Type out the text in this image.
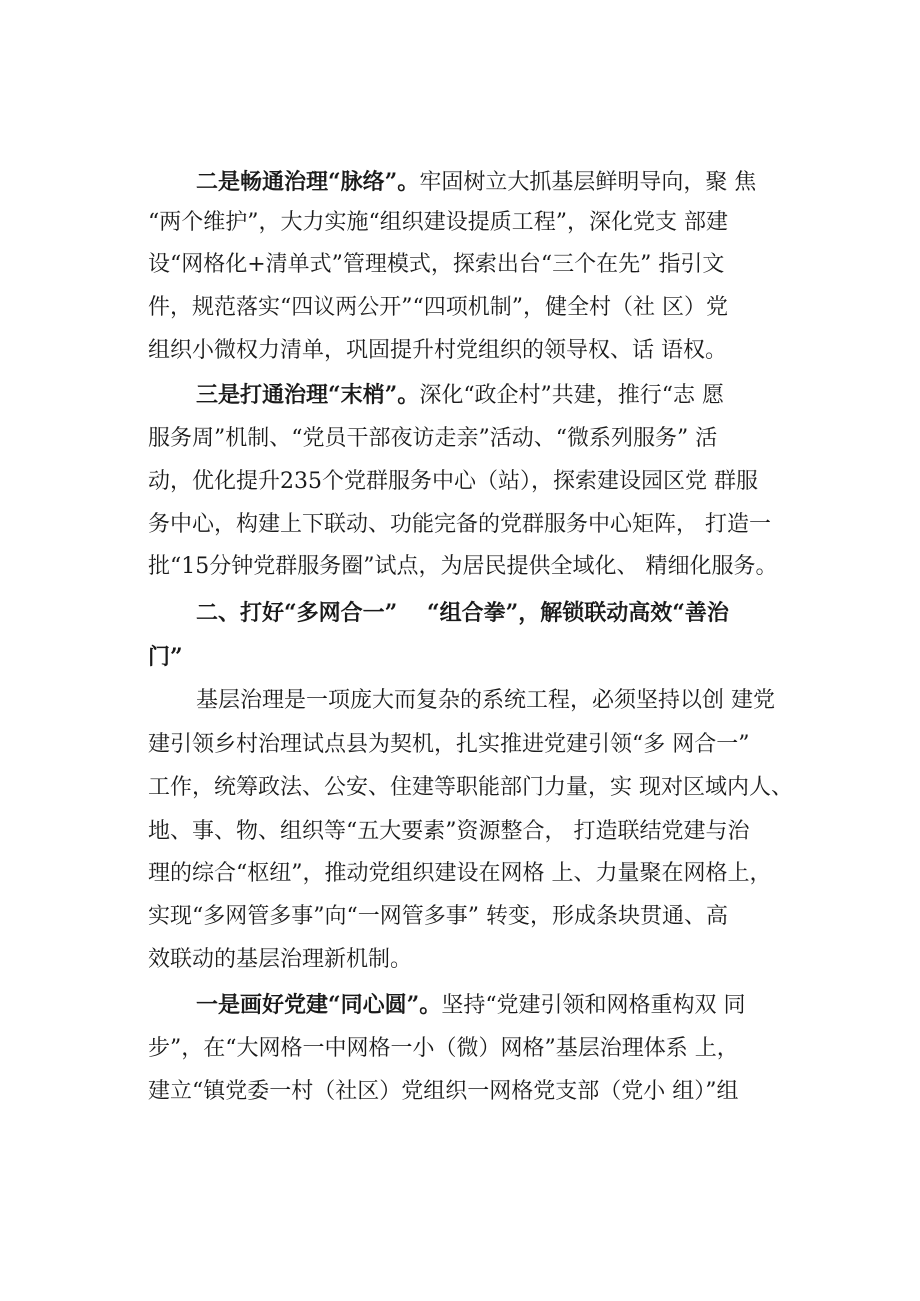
二是畅通治理“脉络”。牢固树立大抓基层鲜明导向，聚 焦
“两个维护”，大力实施“组织建设提质工程”，深化党支 部建
设“网格化+清单式”管理模式，探索出台“三个在先” 指引文
件，规范落实“四议两公开”“四项机制”，健全村（社 区）党
组织小微权力清单，巩固提升村党组织的领导权、话 语权。
三是打通治理“末梢”。深化“政企村”共建，推行“志 愿
服务周”机制、“党员干部夜访走亲”活动、“微系列服务” 活
动，优化提升235个党群服务中心（站），探索建设园区党 群服
务中心，构建上下联动、功能完备的党群服务中心矩阵， 打造一
批“15分钟党群服务圈”试点，为居民提供全域化、 精细化服务。
二、打好“多网合一”　 “组合拳”，解锁联动高效“善治
门”
基层治理是一项庞大而复杂的系统工程，必须坚持以创 建党
建引领乡村治理试点县为契机，扎实推进党建引领“多 网合一”
工作，统筹政法、公安、住建等职能部门力量，实 现对区域内人、
地、事、物、组织等“五大要素”资源整合， 打造联结党建与治
理的综合“枢纽”，推动党组织建设在网格 上、力量聚在网格上，
实现“多网管多事”向“一网管多事” 转变，形成条块贯通、高
效联动的基层治理新机制。
一是画好党建“同心圆”。坚持“党建引领和网格重构双 同
步”，在“大网格一中网格一小（微）网格”基层治理体系 上，
建立“镇党委一村（社区）党组织一网格党支部（党小 组）”组
